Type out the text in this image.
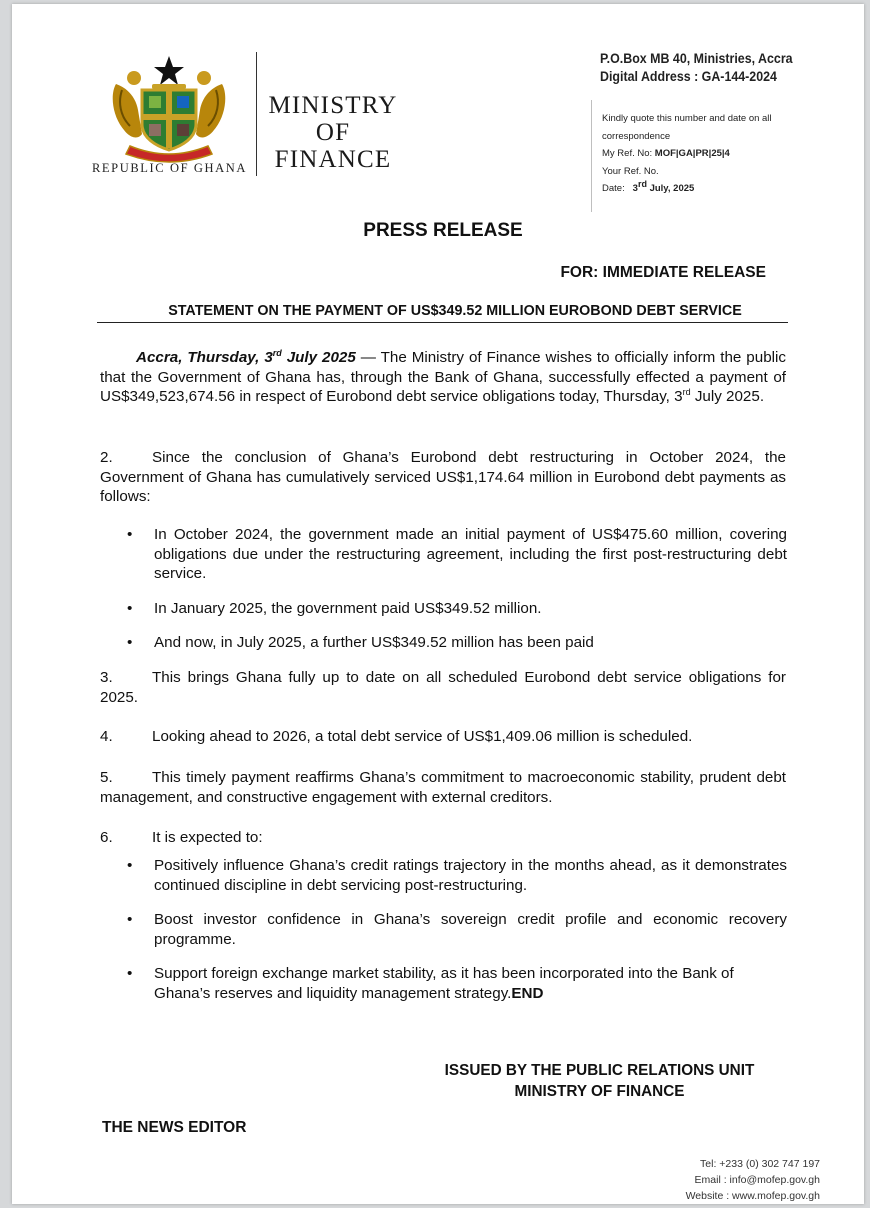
REPUBLIC OF GHANA
MINISTRY
OF
FINANCE
P.O.Box MB 40, Ministries, Accra
Digital Address : GA-144-2024
Kindly quote this number and date on all
correspondence
My Ref. No: MOF|GA|PR|25|4
Your Ref. No.
Date: 3rd July, 2025
PRESS RELEASE
FOR: IMMEDIATE RELEASE
STATEMENT ON THE PAYMENT OF US$349.52 MILLION EUROBOND DEBT SERVICE
Accra, Thursday, 3rd July 2025 — The Ministry of Finance wishes to officially inform the public that the Government of Ghana has, through the Bank of Ghana, successfully effected a payment of US$349,523,674.56 in respect of Eurobond debt service obligations today, Thursday, 3rd July 2025.
2.	Since the conclusion of Ghana’s Eurobond debt restructuring in October 2024, the Government of Ghana has cumulatively serviced US$1,174.64 million in Eurobond debt payments as follows:
• In October 2024, the government made an initial payment of US$475.60 million, covering obligations due under the restructuring agreement, including the first post-restructuring debt service.
• In January 2025, the government paid US$349.52 million.
• And now, in July 2025, a further US$349.52 million has been paid
3.	This brings Ghana fully up to date on all scheduled Eurobond debt service obligations for 2025.
4.	Looking ahead to 2026, a total debt service of US$1,409.06 million is scheduled.
5.	This timely payment reaffirms Ghana’s commitment to macroeconomic stability, prudent debt management, and constructive engagement with external creditors.
6.	It is expected to:
• Positively influence Ghana’s credit ratings trajectory in the months ahead, as it demonstrates continued discipline in debt servicing post-restructuring.
• Boost investor confidence in Ghana’s sovereign credit profile and economic recovery programme.
• Support foreign exchange market stability, as it has been incorporated into the Bank of Ghana’s reserves and liquidity management strategy.END
ISSUED BY THE PUBLIC RELATIONS UNIT
MINISTRY OF FINANCE
THE NEWS EDITOR
Tel: +233 (0) 302 747 197
Email : info@mofep.gov.gh
Website : www.mofep.gov.gh
